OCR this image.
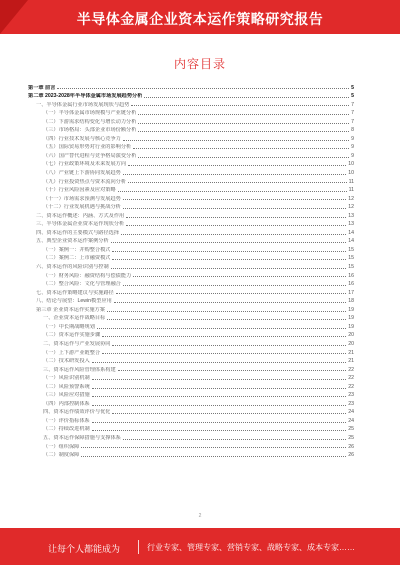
半导体金属企业资本运作策略研究报告
内容目录
第一章 前言	5
第二章 2023-2028年半导体金属市场发展趋势分析	5
一、半导体金属行业市场发展现状与趋势	7
（一）半导体金属市场规模与产业链分析	7
（二）下游需求结构变化与增长动力分析	7
（三）市场格局：头部企业市场份额分析	8
（四）行业技术发展与核心竞争力	9
（五）国际贸易形势对行业的影响分析	9
（六）国产替代进程与竞争格局演变分析	9
（七）行业政策环境及未来发展方向	10
（八）产业链上下游协同发展趋势	10
（九）行业投资热点与资本流向分析	11
（十）行业风险因素及应对策略	11
（十一）市场需求预测与发展趋势	12
（十二）行业发展机遇与挑战分析	12
二、资本运作概述：内涵、方式及作用	13
三、半导体金属企业资本运作现状分析	13
四、资本运作的主要模式与路径选择	14
五、典型企业资本运作案例分析	14
（一）案例一：并购整合模式	15
（二）案例二：上市融资模式	15
六、资本运作的风险识别与控制	15
（一）财务风险：融资结构与偿债能力	16
（二）整合风险：文化与管理融合	16
七、资本运作策略建议与实施路径	17
八、结论与展望：Lewin模型应用	18
第三章 企业资本运作实施方案	19
一、企业资本运作战略目标	19
（一）中长期战略规划	19
（二）资本运作实施步骤	20
二、资本运作与产业发展协同	20
（一）上下游产业链整合	21
（二）技术研发投入	21
三、资本运作风险管理体系构建	22
（一）风险识别机制	22
（二）风险预警系统	22
（三）风险应对措施	23
（四）内部控制体系	23
四、资本运作绩效评价与优化	24
（一）评价指标体系	24
（二）持续改进机制	25
五、资本运作保障措施与支撑体系	25
（一）组织保障	26
（二）制度保障	26
2
让每个人都能成为	行业专家、管理专家、营销专家、战略专家、成本专家……
